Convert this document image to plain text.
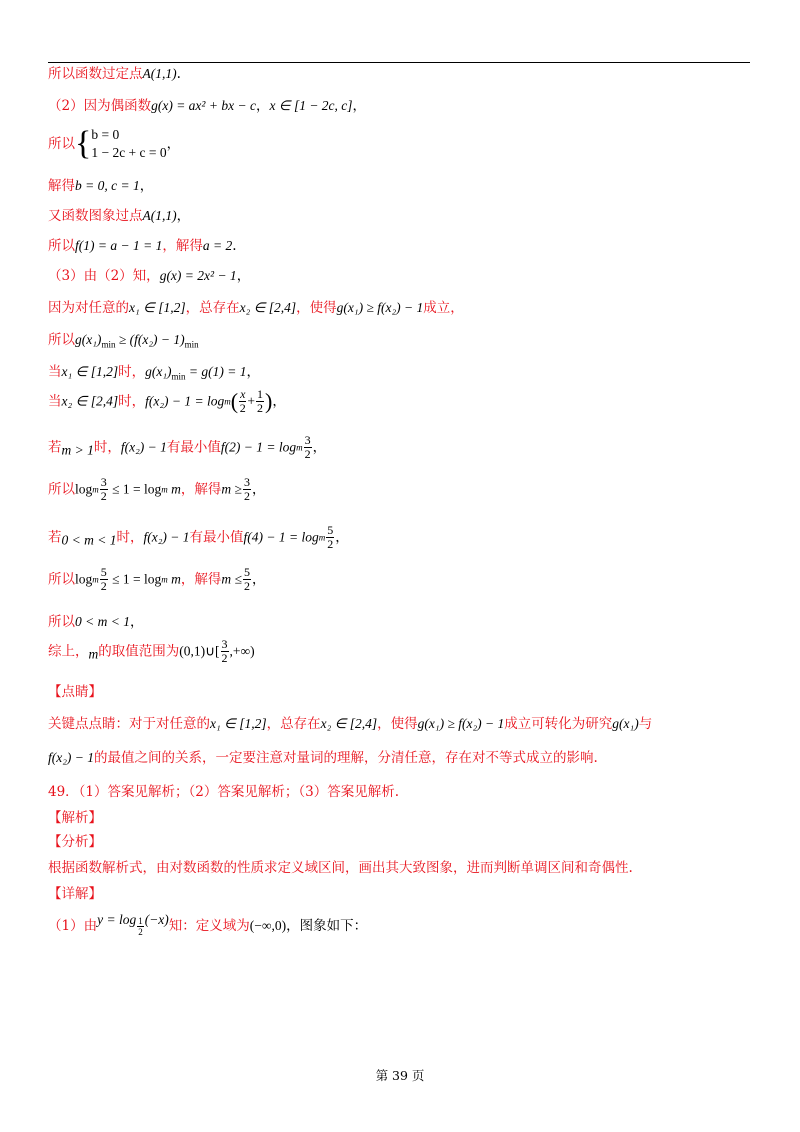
所以函数过定点A(1,1).
（2）因为偶函数g(x) = ax² + bx − c，x ∈ [1 − 2c, c]，
所以{ b = 0
1 − 2c + c = 0
，
解得b = 0, c = 1，
又函数图象过点A(1,1)，
所以f(1) = a − 1 = 1，解得a = 2.
（3）由（2）知，g(x) = 2x² − 1，
因为对任意的x₁ ∈ [1,2]，总存在x₂ ∈ [2,4]，使得g(x₁) ≥ f(x₂) − 1成立，
所以$g(x_1)_{min} \ge (f(x_2) - 1)_{min}$
当x₁ ∈ [1,2]时，$g(x_1)_{min} = g(1) = 1$，
当x₂ ∈ [2,4]时，$f(x_2) - 1 = \log m( \frac{x}{2} + \frac{1}{2}$ )，
若m > 1时，f(x₂) − 1有最小值f(2) − 1 = logm $\frac{3}{2}$ ，
所以logm $\frac{3}{2} \le 1 = \log m$ m，解得$m \ge \frac{3}{2}$ ，
若0 < m < 1时，f(x₂) − 1有最小值f(4) − 1 = logm $\frac{5}{2}$ ，
所以logm $\frac{5}{2} \le 1 = \log m$ m，解得$m \le \frac{5}{2}$ ，
所以0 < m < 1，
综上，m的取值范围为(0,1)∪[ $\frac{3}{2}$ ,+∞)
【点睛】
关键点点睛：对于对任意的x₁ ∈ [1,2]，总存在x₂ ∈ [2,4]，使得g(x₁) ≥ f(x₂) − 1成立可转化为研究g(x₁)与
f(x₂) − 1的最值之间的关系，一定要注意对量词的理解，分清任意，存在对不等式成立的影响.
49．（1）答案见解析；（2）答案见解析；（3）答案见解析.
【解析】
【分析】
根据函数解析式，由对数函数的性质求定义域区间，画出其大致图象，进而判断单调区间和奇偶性.
【详解】
（1）由$y = \log \frac{1}{2} (-x)$知：定义域为(−∞,0)，图象如下：
第 39 页
